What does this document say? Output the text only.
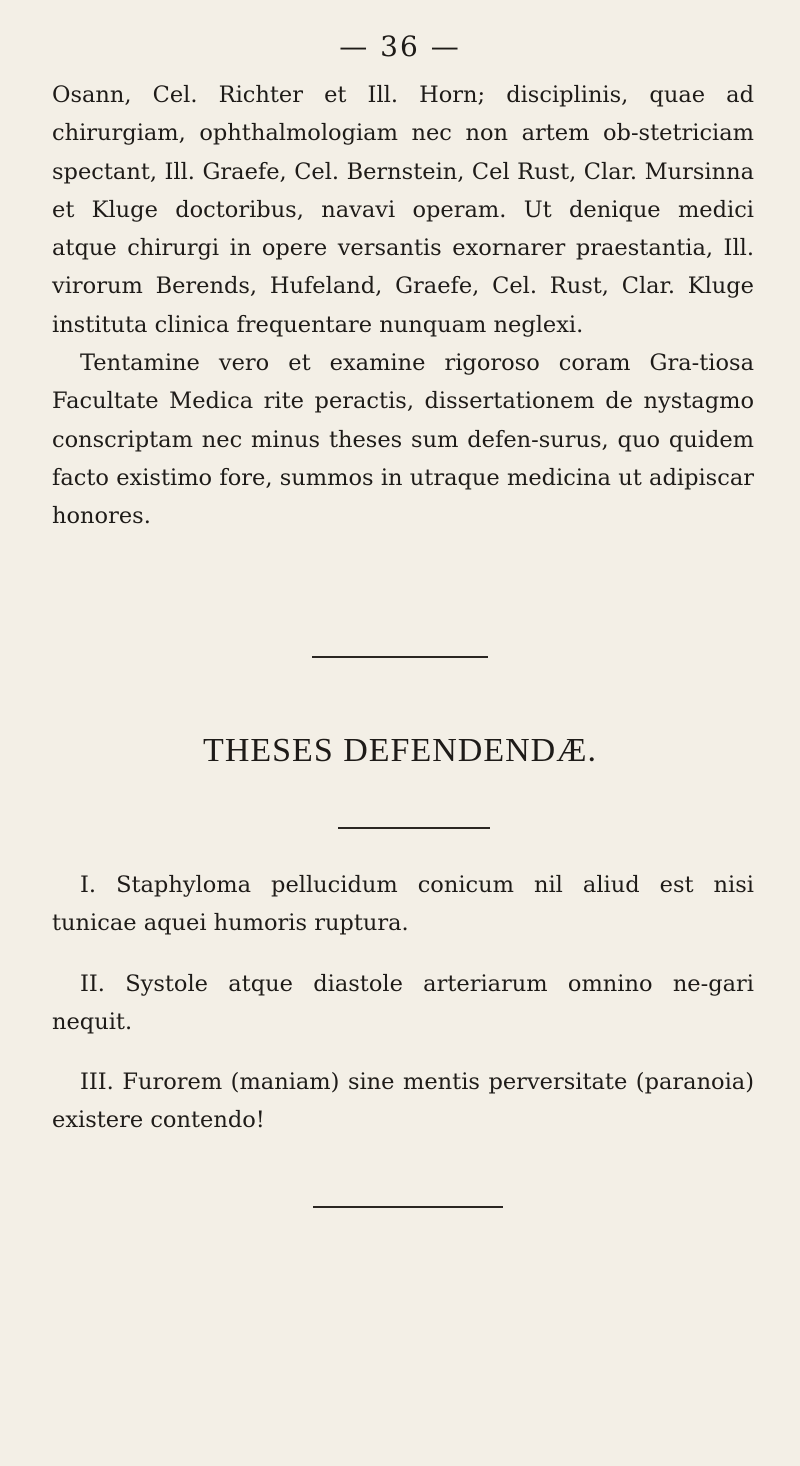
— 36 —

Osann, Cel. Richter et Ill. Horn; disciplinis, quae ad chirurgiam, ophthalmologiam nec non artem ob-stetriciam spectant, Ill. Graefe, Cel. Bernstein, Cel Rust, Clar. Mursinna et Kluge doctoribus, navavi operam. Ut denique medici atque chirurgi in opere versantis exornarer praestantia, Ill. virorum Berends, Hufeland, Graefe, Cel. Rust, Clar. Kluge instituta clinica frequentare nunquam neglexi.

Tentamine vero et examine rigoroso coram Gra-tiosa Facultate Medica rite peractis, dissertationem de nystagmo conscriptam nec minus theses sum defen-surus, quo quidem facto existimo fore, summos in utraque medicina ut adipiscar honores.

THESES DEFENDENDÆ.

I. Staphyloma pellucidum conicum nil aliud est nisi tunicae aquei humoris ruptura.

II. Systole atque diastole arteriarum omnino ne-gari nequit.

III. Furorem (maniam) sine mentis perversitate (paranoia) existere contendo!
